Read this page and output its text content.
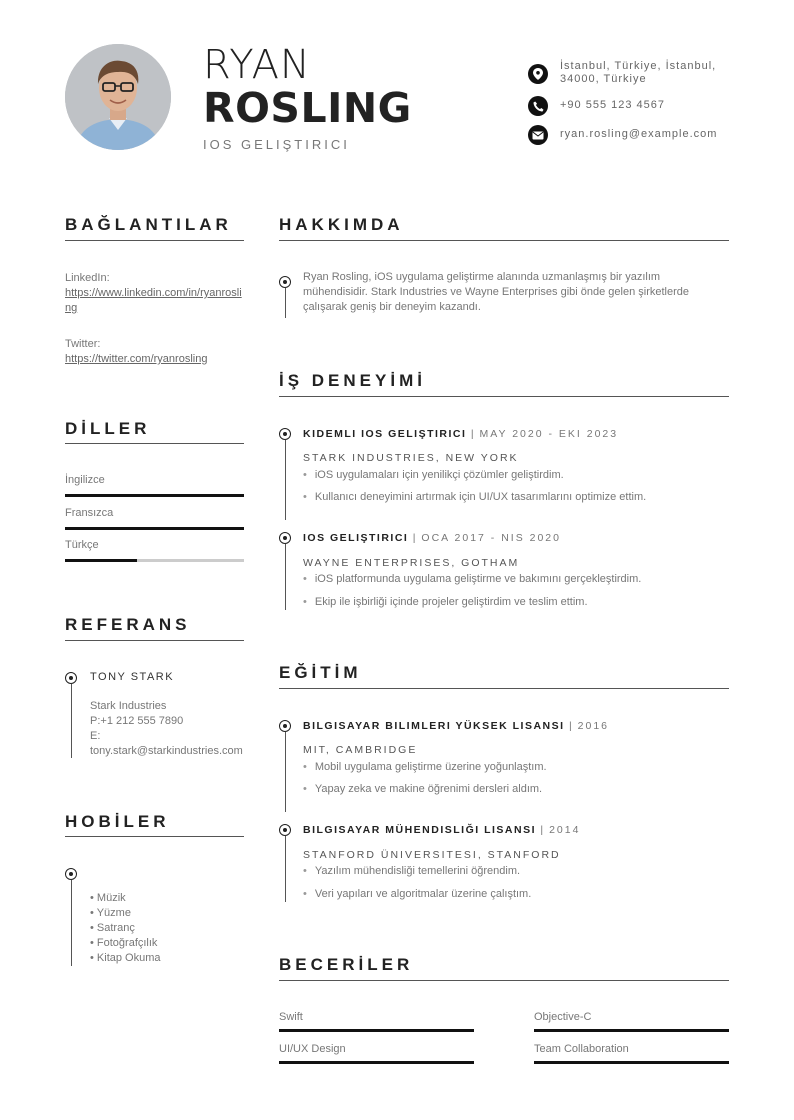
RYAN
ROSLING
IOS GELIŞTIRICI
İstanbul, Türkiye, İstanbul, 34000, Türkiye
+90 555 123 4567
ryan.rosling@example.com
BAĞLANTILAR
LinkedIn:
https://www.linkedin.com/in/ryanrosling
Twitter:
https://twitter.com/ryanrosling
DİLLER
İngilizce
Fransızca
Türkçe
REFERANS
TONY STARK
Stark Industries
P:+1 212 555 7890
E: tony.stark@starkindustries.com
HOBİLER
• Müzik
• Yüzme
• Satranç
• Fotoğrafçılık
• Kitap Okuma
HAKKIMDA
Ryan Rosling, iOS uygulama geliştirme alanında uzmanlaşmış bir yazılım mühendisidir. Stark Industries ve Wayne Enterprises gibi önde gelen şirketlerde çalışarak geniş bir deneyim kazandı.
İŞ DENEYİMİ
KIDEMLI IOS GELIŞTIRICI | MAY 2020 - EKI 2023
STARK INDUSTRIES, NEW YORK
• iOS uygulamaları için yenilikçi çözümler geliştirdim.
• Kullanıcı deneyimini artırmak için UI/UX tasarımlarını optimize ettim.
IOS GELIŞTIRICI | OCA 2017 - NIS 2020
WAYNE ENTERPRISES, GOTHAM
• iOS platformunda uygulama geliştirme ve bakımını gerçekleştirdim.
• Ekip ile işbirliği içinde projeler geliştirdim ve teslim ettim.
EĞİTİM
BILGISAYAR BILIMLERI YÜKSEK LISANSI | 2016
MIT, CAMBRIDGE
• Mobil uygulama geliştirme üzerine yoğunlaştım.
• Yapay zeka ve makine öğrenimi dersleri aldım.
BILGISAYAR MÜHENDISLIĞI LISANSI | 2014
STANFORD ÜNIVERSITESI, STANFORD
• Yazılım mühendisliği temellerini öğrendim.
• Veri yapıları ve algoritmalar üzerine çalıştım.
BECERİLER
Swift	Objective-C
UI/UX Design	Team Collaboration
